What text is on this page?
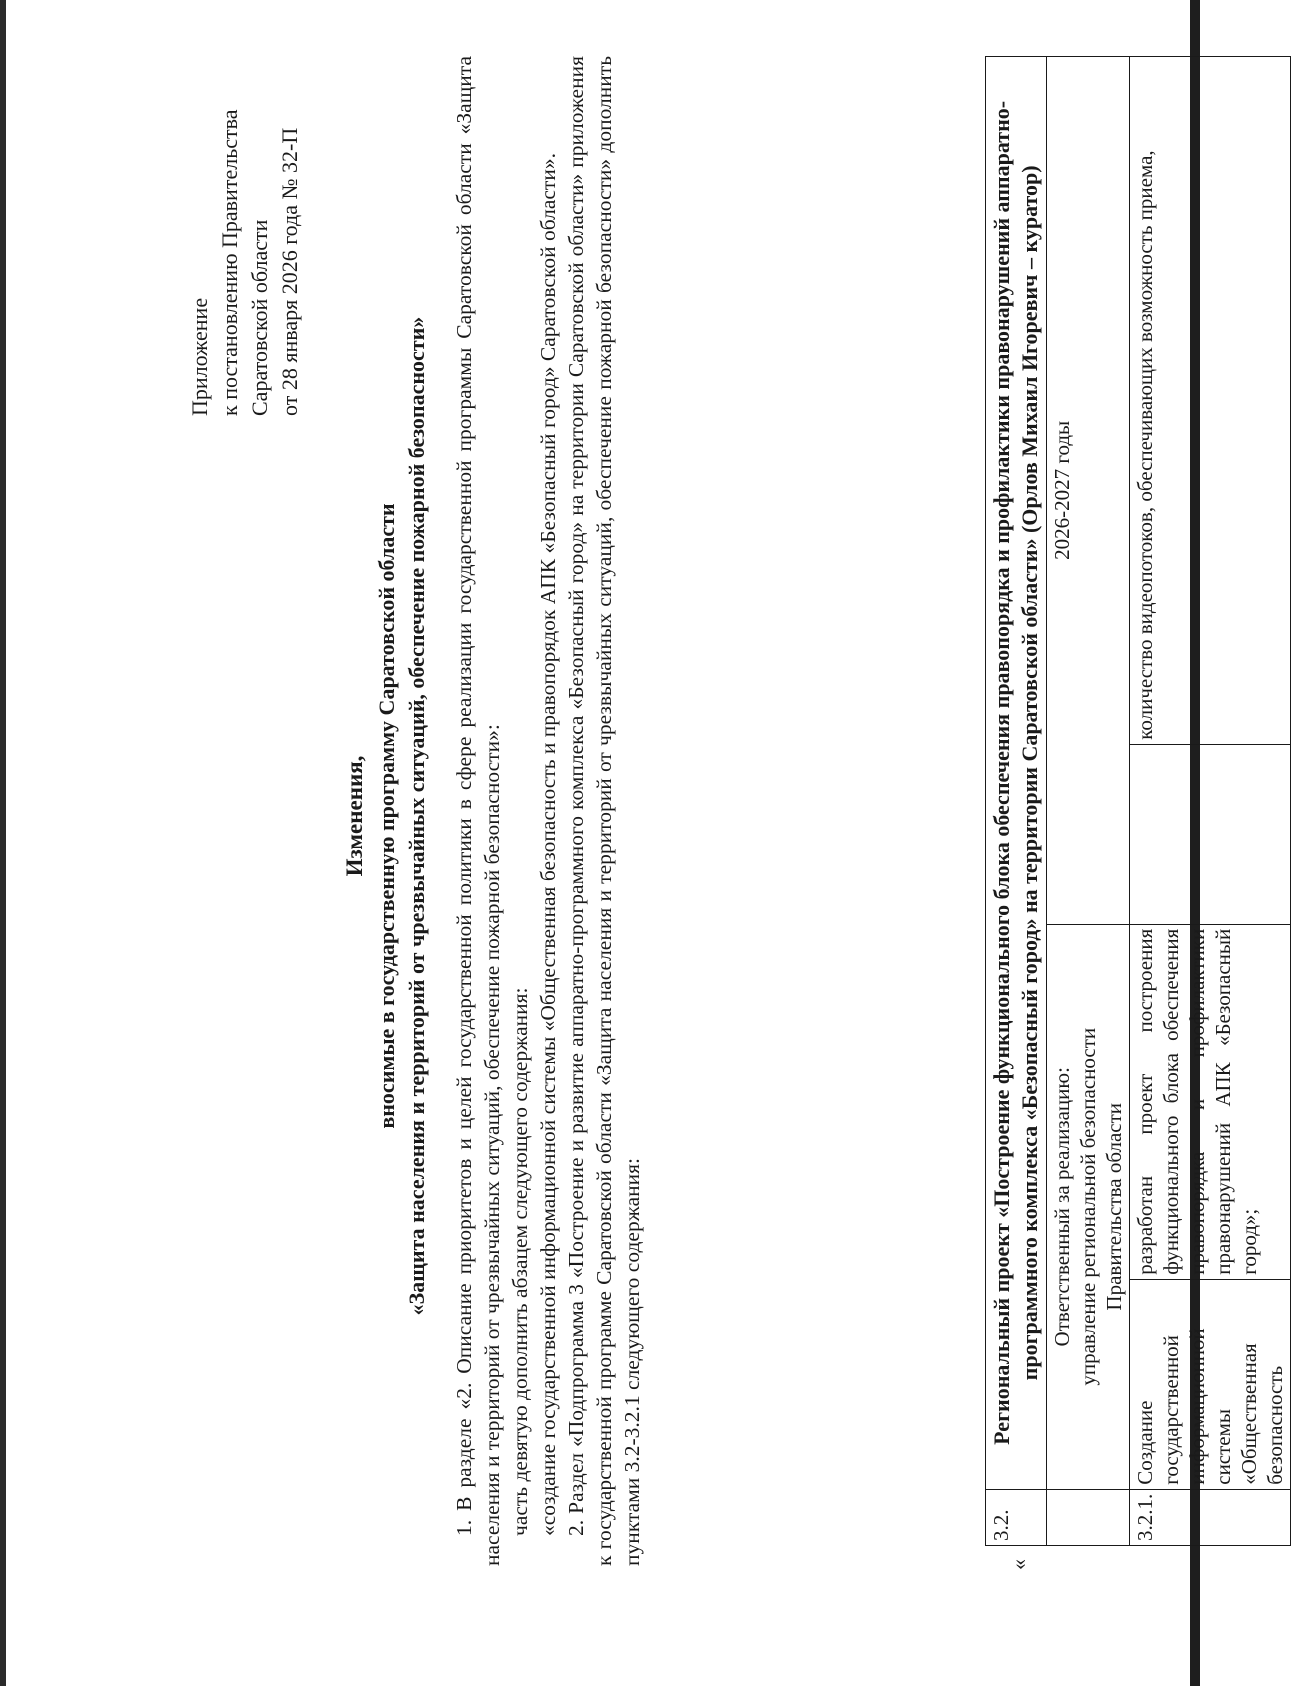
Приложение к постановлению Правительства Саратовской области от 28 января 2026 года № 32-П
Изменения, вносимые в государственную программу Саратовской области «Защита населения и территорий от чрезвычайных ситуаций, обеспечение пожарной безопасности» 1. В разделе «2. Описание приоритетов и целей государственной политики в сфере реализации государственной программы Саратовской области «Защита населения и территорий от чрезвычайных ситуаций, обеспечение пожарной безопасности»: часть девятую дополнить абзацем следующего содержания: «создание государственной информационной системы «Общественная безопасность и правопорядок АПК «Безопасный город» Саратовской области». 2. Раздел «Подпрограмма 3 «Построение и развитие аппаратно-программного комплекса «Безопасный город» на территории Саратовской области» приложения к государственной программе Саратовской области «Защита населения и территорий от чрезвычайных ситуаций, обеспечение пожарной безопасности» дополнить пунктами 3.2-3.2.1 следующего содержания:	«
3.2.	Региональный проект «Построение функционального блока обеспечения правопорядка и профилактики правонарушений аппаратно-программного комплекса «Безопасный город» на территории Саратовской области» (Орлов Михаил Игоревич – куратор)			

	Ответственный за реализацию: управление региональной безопасности Правительства области		2026-2027 годы	
3.2.1.	Создание государственной информационной системы «Общественная безопасность	разработан проект построения функционального блока обеспечения правопорядка и профилактики правонарушений АПК «Безопасный город»;		количество видеопотоков, обеспечивающих возможность приема,
